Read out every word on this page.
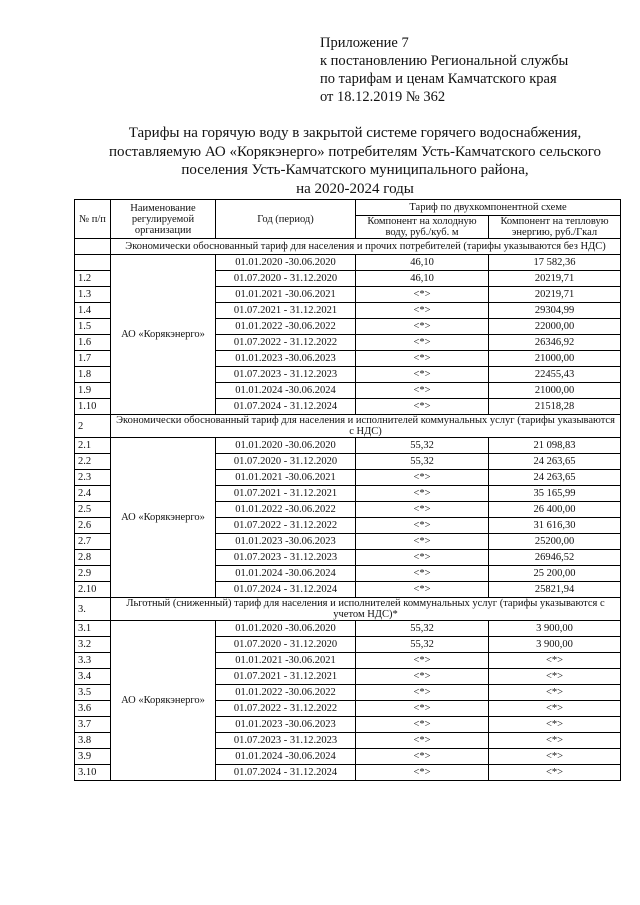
Приложение 7
к постановлению Региональной службы
по тарифам и ценам Камчатского края
от 18.12.2019 № 362
Тарифы на горячую воду в закрытой системе горячего водоснабжения,
поставляемую АО «Корякэнерго» потребителям Усть-Камчатского сельского
поселения Усть-Камчатского муниципального района,
на 2020-2024 годы
№ п/п	Наименование регулируемой организации	Год (период)	Тариф по двухкомпонентной схеме	
			Компонент на холодную воду, руб./куб. м	Компонент на тепловую энергию, руб./Гкал
	Экономически обоснованный тариф для населения и прочих потребителей (тарифы указываются без НДС)			
	АО «Корякэнерго»	01.01.2020 -30.06.2020	46,10	17 582,36
1.2		01.07.2020 - 31.12.2020	46,10	20219,71
1.3		01.01.2021 -30.06.2021	<*>	20219,71
1.4		01.07.2021 - 31.12.2021	<*>	29304,99
1.5		01.01.2022 -30.06.2022	<*>	22000,00
1.6		01.07.2022 - 31.12.2022	<*>	26346,92
1.7		01.01.2023 -30.06.2023	<*>	21000,00
1.8		01.07.2023 - 31.12.2023	<*>	22455,43
1.9		01.01.2024 -30.06.2024	<*>	21000,00
1.10		01.07.2024 - 31.12.2024	<*>	21518,28
2	Экономически обоснованный тариф для населения и исполнителей коммунальных услуг (тарифы указываются с НДС)			
2.1	АО «Корякэнерго»	01.01.2020 -30.06.2020	55,32	21 098,83
2.2		01.07.2020 - 31.12.2020	55,32	24 263,65
2.3		01.01.2021 -30.06.2021	<*>	24 263,65
2.4		01.07.2021 - 31.12.2021	<*>	35 165,99
2.5		01.01.2022 -30.06.2022	<*>	26 400,00
2.6		01.07.2022 - 31.12.2022	<*>	31 616,30
2.7		01.01.2023 -30.06.2023	<*>	25200,00
2.8		01.07.2023 - 31.12.2023	<*>	26946,52
2.9		01.01.2024 -30.06.2024	<*>	25 200,00
2.10		01.07.2024 - 31.12.2024	<*>	25821,94
3.	Льготный (сниженный) тариф для населения и исполнителей коммунальных услуг (тарифы указываются с учетом НДС)*			
3.1	АО «Корякэнерго»	01.01.2020 -30.06.2020	55,32	3 900,00
3.2		01.07.2020 - 31.12.2020	55,32	3 900,00
3.3		01.01.2021 -30.06.2021	<*>	<*>
3.4		01.07.2021 - 31.12.2021	<*>	<*>
3.5		01.01.2022 -30.06.2022	<*>	<*>
3.6		01.07.2022 - 31.12.2022	<*>	<*>
3.7		01.01.2023 -30.06.2023	<*>	<*>
3.8		01.07.2023 - 31.12.2023	<*>	<*>
3.9		01.01.2024 -30.06.2024	<*>	<*>
3.10		01.07.2024 - 31.12.2024	<*>	<*>
